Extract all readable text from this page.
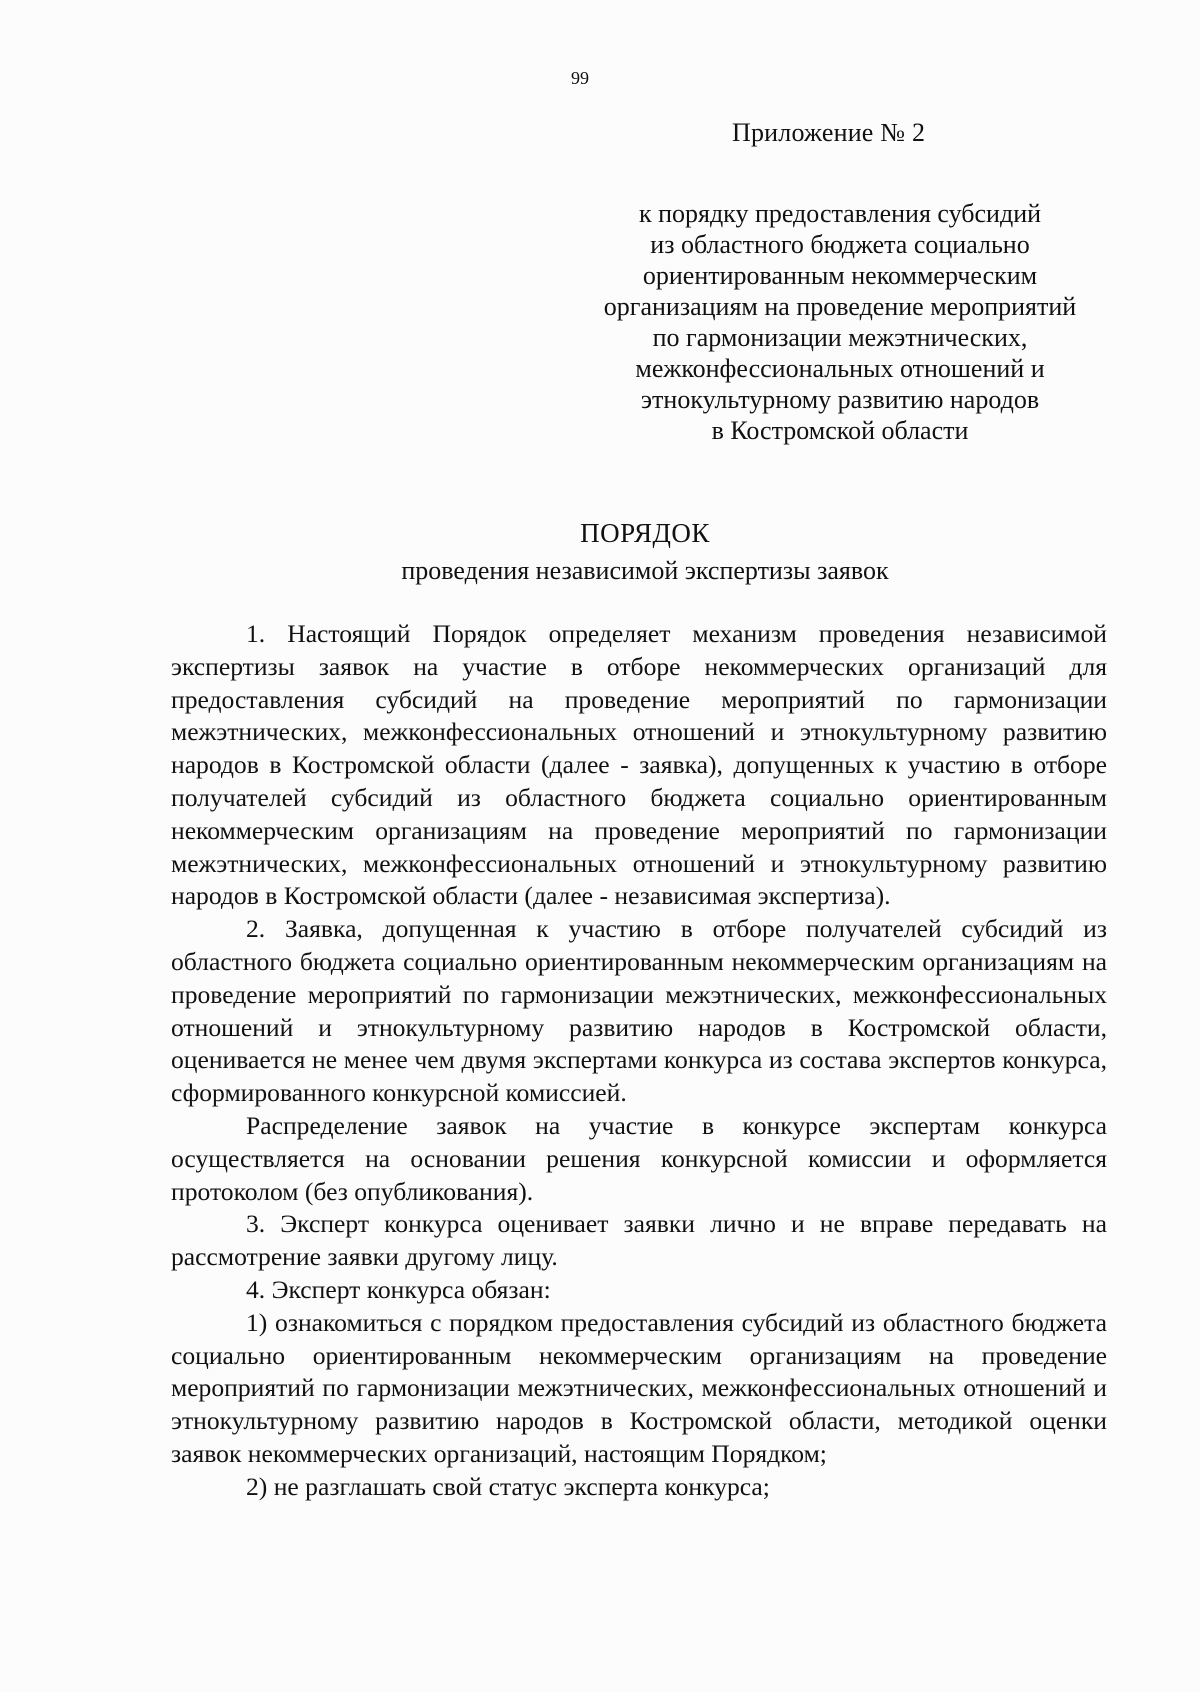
99
Приложение № 2
к порядку предоставления субсидий
из областного бюджета социально
ориентированным некоммерческим
организациям на проведение мероприятий
по гармонизации межэтнических,
межконфессиональных отношений и
этнокультурному развитию народов
в Костромской области
ПОРЯДОК
проведения независимой экспертизы заявок

1. Настоящий Порядок определяет механизм проведения независимой экспертизы заявок на участие в отборе некоммерческих организаций для предоставления субсидий на проведение мероприятий по гармонизации межэтнических, межконфессиональных отношений и этнокультурному развитию народов в Костромской области (далее - заявка), допущенных к участию в отборе получателей субсидий из областного бюджета социально ориентированным некоммерческим организациям на проведение мероприятий по гармонизации межэтнических, межконфессиональных отношений и этнокультурному развитию народов в Костромской области (далее - независимая экспертиза).

2. Заявка, допущенная к участию в отборе получателей субсидий из областного бюджета социально ориентированным некоммерческим организациям на проведение мероприятий по гармонизации межэтнических, межконфессиональных отношений и этнокультурному развитию народов в Костромской области, оценивается не менее чем двумя экспертами конкурса из состава экспертов конкурса, сформированного конкурсной комиссией.

Распределение заявок на участие в конкурсе экспертам конкурса осуществляется на основании решения конкурсной комиссии и оформляется протоколом (без опубликования).

3. Эксперт конкурса оценивает заявки лично и не вправе передавать на рассмотрение заявки другому лицу.

4. Эксперт конкурса обязан:

1) ознакомиться с порядком предоставления субсидий из областного бюджета социально ориентированным некоммерческим организациям на проведение мероприятий по гармонизации межэтнических, межконфессиональных отношений и этнокультурному развитию народов в Костромской области, методикой оценки заявок некоммерческих организаций, настоящим Порядком;

2) не разглашать свой статус эксперта конкурса;
